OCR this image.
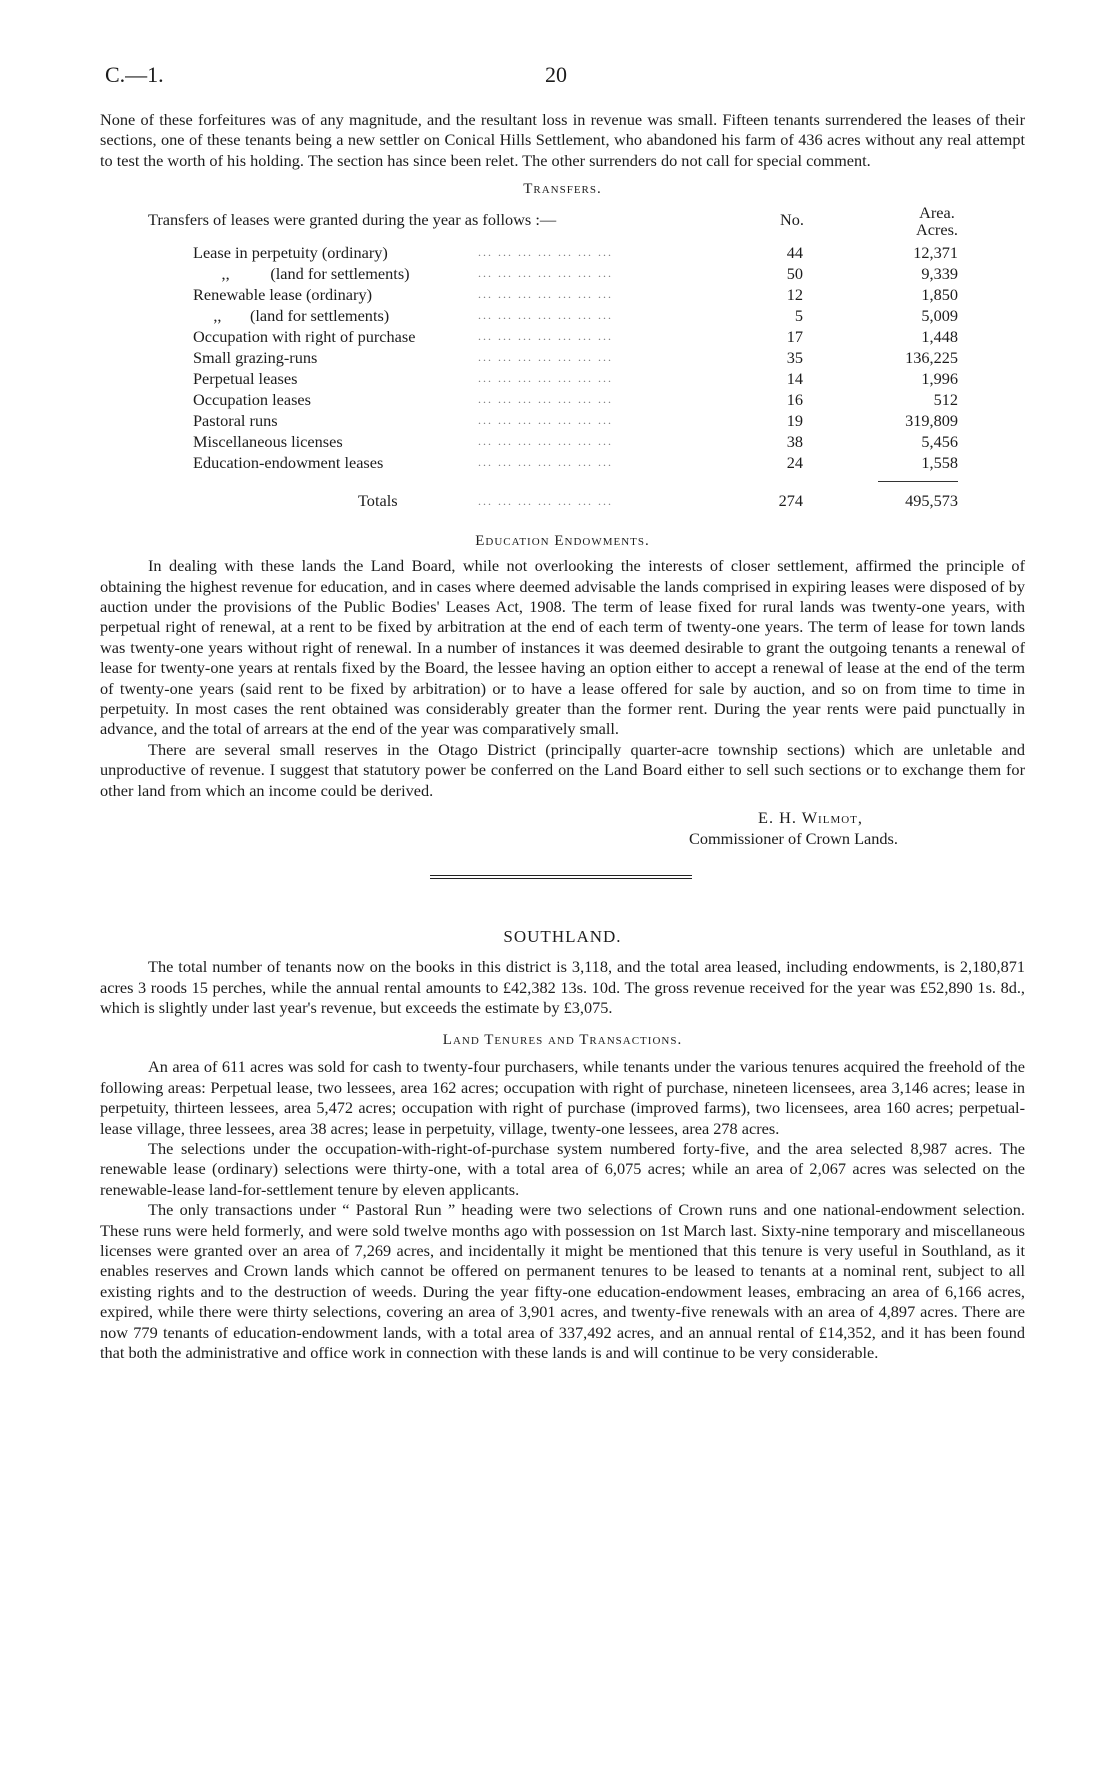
C.—1.	20

None of these forfeitures was of any magnitude, and the resultant loss in revenue was small. Fifteen tenants surrendered the leases of their sections, one of these tenants being a new settler on Conical Hills Settlement, who abandoned his farm of 436 acres without any real attempt to test the worth of his holding. The section has since been relet. The other surrenders do not call for special comment.

Transfers.
Transfers of leases were granted during the year as follows :—	No.	Area.
Acres.
Lease in perpetuity (ordinary)	... ... ... ... ... ... ...	44	12,371
,,          (land for settlements)	... ... ... ... ... ... ...	50	9,339
Renewable lease (ordinary)	... ... ... ... ... ... ...	12	1,850
,,       (land for settlements)	... ... ... ... ... ... ...	5	5,009
Occupation with right of purchase	... ... ... ... ... ... ...	17	1,448
Small grazing-runs	... ... ... ... ... ... ...	35	136,225
Perpetual leases	... ... ... ... ... ... ...	14	1,996
Occupation leases	... ... ... ... ... ... ...	16	512
Pastoral runs	... ... ... ... ... ... ...	19	319,809
Miscellaneous licenses	... ... ... ... ... ... ...	38	5,456
Education-endowment leases	... ... ... ... ... ... ...	24	1,558
Totals	... ... ... ... ... ... ...	274	495,573
Education Endowments.

In dealing with these lands the Land Board, while not overlooking the interests of closer settlement, affirmed the principle of obtaining the highest revenue for education, and in cases where deemed advisable the lands comprised in expiring leases were disposed of by auction under the provisions of the Public Bodies' Leases Act, 1908. The term of lease fixed for rural lands was twenty-one years, with perpetual right of renewal, at a rent to be fixed by arbitration at the end of each term of twenty-one years. The term of lease for town lands was twenty-one years without right of renewal. In a number of instances it was deemed desirable to grant the outgoing tenants a renewal of lease for twenty-one years at rentals fixed by the Board, the lessee having an option either to accept a renewal of lease at the end of the term of twenty-one years (said rent to be fixed by arbitration) or to have a lease offered for sale by auction, and so on from time to time in perpetuity. In most cases the rent obtained was considerably greater than the former rent. During the year rents were paid punctually in advance, and the total of arrears at the end of the year was comparatively small.

There are several small reserves in the Otago District (principally quarter-acre township sections) which are unletable and unproductive of revenue. I suggest that statutory power be conferred on the Land Board either to sell such sections or to exchange them for other land from which an income could be derived.

E. H. Wilmot,
Commissioner of Crown Lands.
SOUTHLAND.

The total number of tenants now on the books in this district is 3,118, and the total area leased, including endowments, is 2,180,871 acres 3 roods 15 perches, while the annual rental amounts to £42,382 13s. 10d. The gross revenue received for the year was £52,890 1s. 8d., which is slightly under last year's revenue, but exceeds the estimate by £3,075.

Land Tenures and Transactions.

An area of 611 acres was sold for cash to twenty-four purchasers, while tenants under the various tenures acquired the freehold of the following areas: Perpetual lease, two lessees, area 162 acres; occupation with right of purchase, nineteen licensees, area 3,146 acres; lease in perpetuity, thirteen lessees, area 5,472 acres; occupation with right of purchase (improved farms), two licensees, area 160 acres; perpetual-lease village, three lessees, area 38 acres; lease in perpetuity, village, twenty-one lessees, area 278 acres.

The selections under the occupation-with-right-of-purchase system numbered forty-five, and the area selected 8,987 acres. The renewable lease (ordinary) selections were thirty-one, with a total area of 6,075 acres; while an area of 2,067 acres was selected on the renewable-lease land-for-settlement tenure by eleven applicants.

The only transactions under “ Pastoral Run ” heading were two selections of Crown runs and one national-endowment selection. These runs were held formerly, and were sold twelve months ago with possession on 1st March last. Sixty-nine temporary and miscellaneous licenses were granted over an area of 7,269 acres, and incidentally it might be mentioned that this tenure is very useful in Southland, as it enables reserves and Crown lands which cannot be offered on permanent tenures to be leased to tenants at a nominal rent, subject to all existing rights and to the destruction of weeds. During the year fifty-one education-endowment leases, embracing an area of 6,166 acres, expired, while there were thirty selections, covering an area of 3,901 acres, and twenty-five renewals with an area of 4,897 acres. There are now 779 tenants of education-endowment lands, with a total area of 337,492 acres, and an annual rental of £14,352, and it has been found that both the administrative and office work in connection with these lands is and will continue to be very considerable.
